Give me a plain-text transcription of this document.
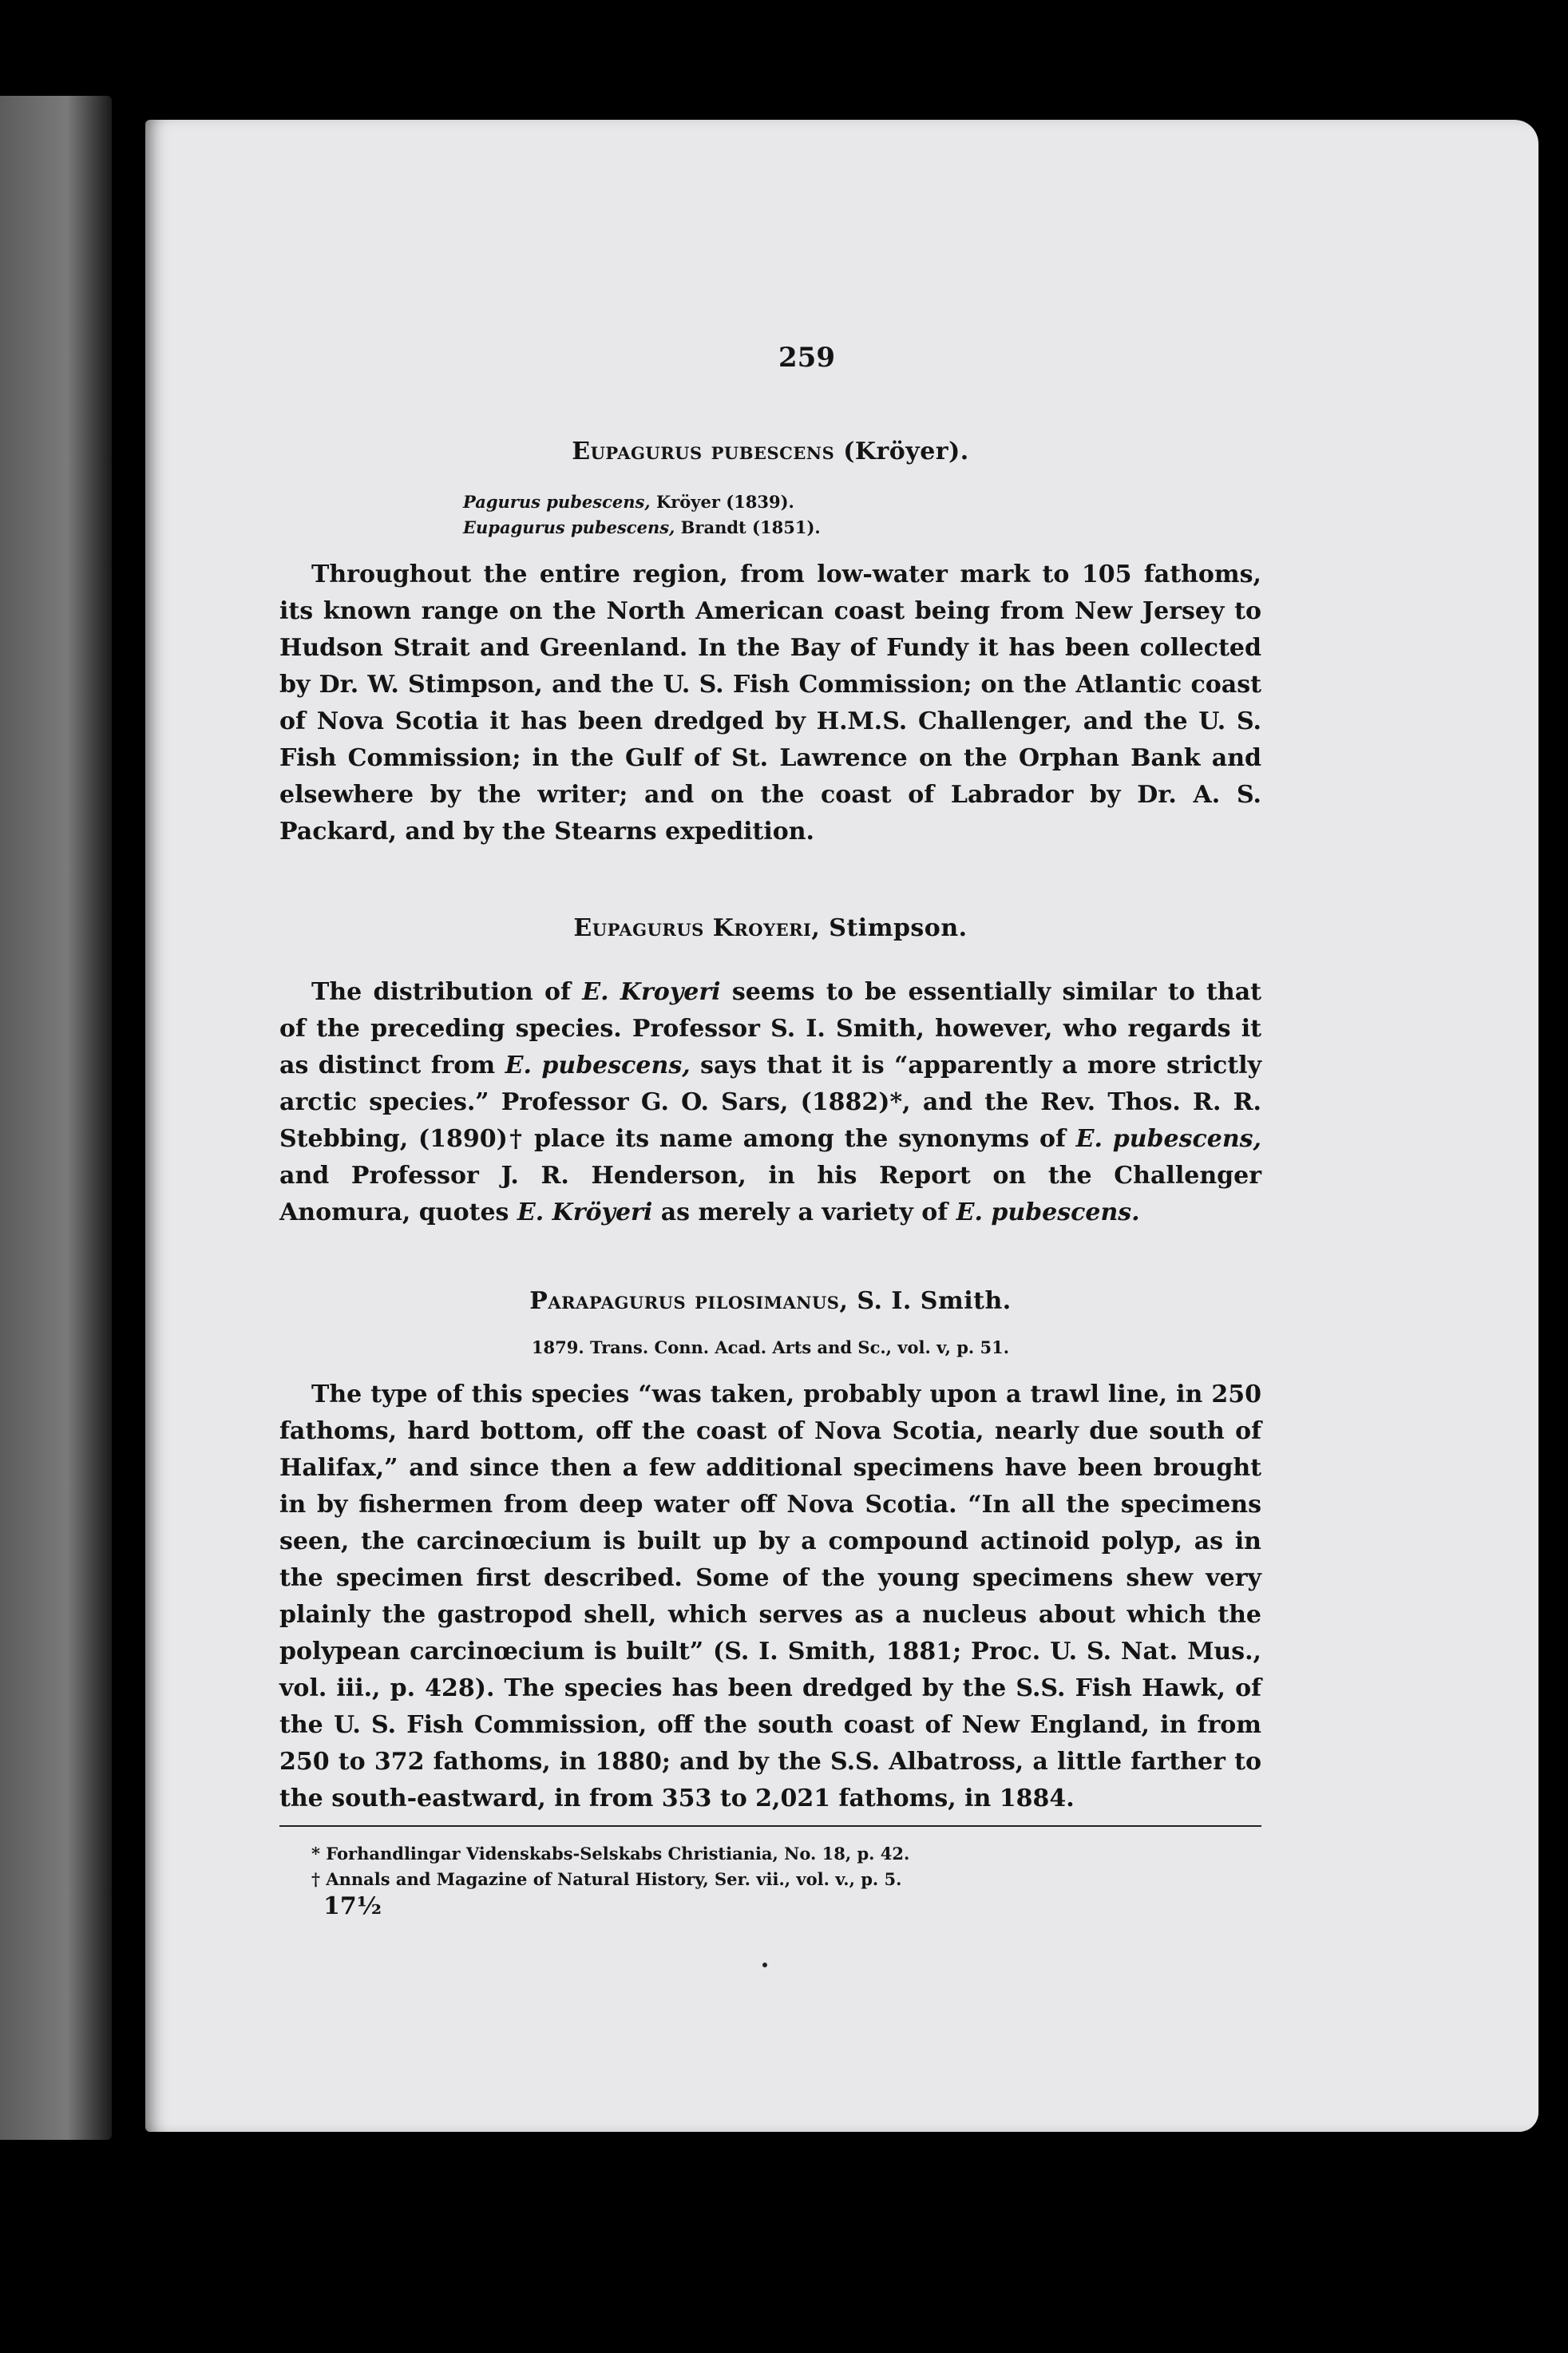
259

Eupagurus pubescens (Kröyer).

Pagurus pubescens, Kröyer (1839).
Eupagurus pubescens, Brandt (1851).

Throughout the entire region, from low-water mark to 105 fathoms, its known range on the North American coast being from New Jersey to Hudson Strait and Greenland. In the Bay of Fundy it has been collected by Dr. W. Stimpson, and the U. S. Fish Commission; on the Atlantic coast of Nova Scotia it has been dredged by H.M.S. Challenger, and the U. S. Fish Commission; in the Gulf of St. Lawrence on the Orphan Bank and elsewhere by the writer; and on the coast of Labrador by Dr. A. S. Packard, and by the Stearns expedition.

Eupagurus Kroyeri, Stimpson.

The distribution of E. Kroyeri seems to be essentially similar to that of the preceding species. Professor S. I. Smith, however, who regards it as distinct from E. pubescens, says that it is “apparently a more strictly arctic species.” Professor G. O. Sars, (1882)*, and the Rev. Thos. R. R. Stebbing, (1890)† place its name among the synonyms of E. pubescens, and Professor J. R. Henderson, in his Report on the Challenger Anomura, quotes E. Kröyeri as merely a variety of E. pubescens.

Parapagurus pilosimanus, S. I. Smith.

1879. Trans. Conn. Acad. Arts and Sc., vol. v, p. 51.

The type of this species “was taken, probably upon a trawl line, in 250 fathoms, hard bottom, off the coast of Nova Scotia, nearly due south of Halifax,” and since then a few additional specimens have been brought in by fishermen from deep water off Nova Scotia. “In all the specimens seen, the carcinœcium is built up by a compound actinoid polyp, as in the specimen first described. Some of the young specimens shew very plainly the gastropod shell, which serves as a nucleus about which the polypean carcinœcium is built” (S. I. Smith, 1881; Proc. U. S. Nat. Mus., vol. iii., p. 428). The species has been dredged by the S.S. Fish Hawk, of the U. S. Fish Commission, off the south coast of New England, in from 250 to 372 fathoms, in 1880; and by the S.S. Albatross, a little farther to the south-eastward, in from 353 to 2,021 fathoms, in 1884.

* Forhandlingar Videnskabs-Selskabs Christiania, No. 18, p. 42.
† Annals and Magazine of Natural History, Ser. vii., vol. v., p. 5.
17½
